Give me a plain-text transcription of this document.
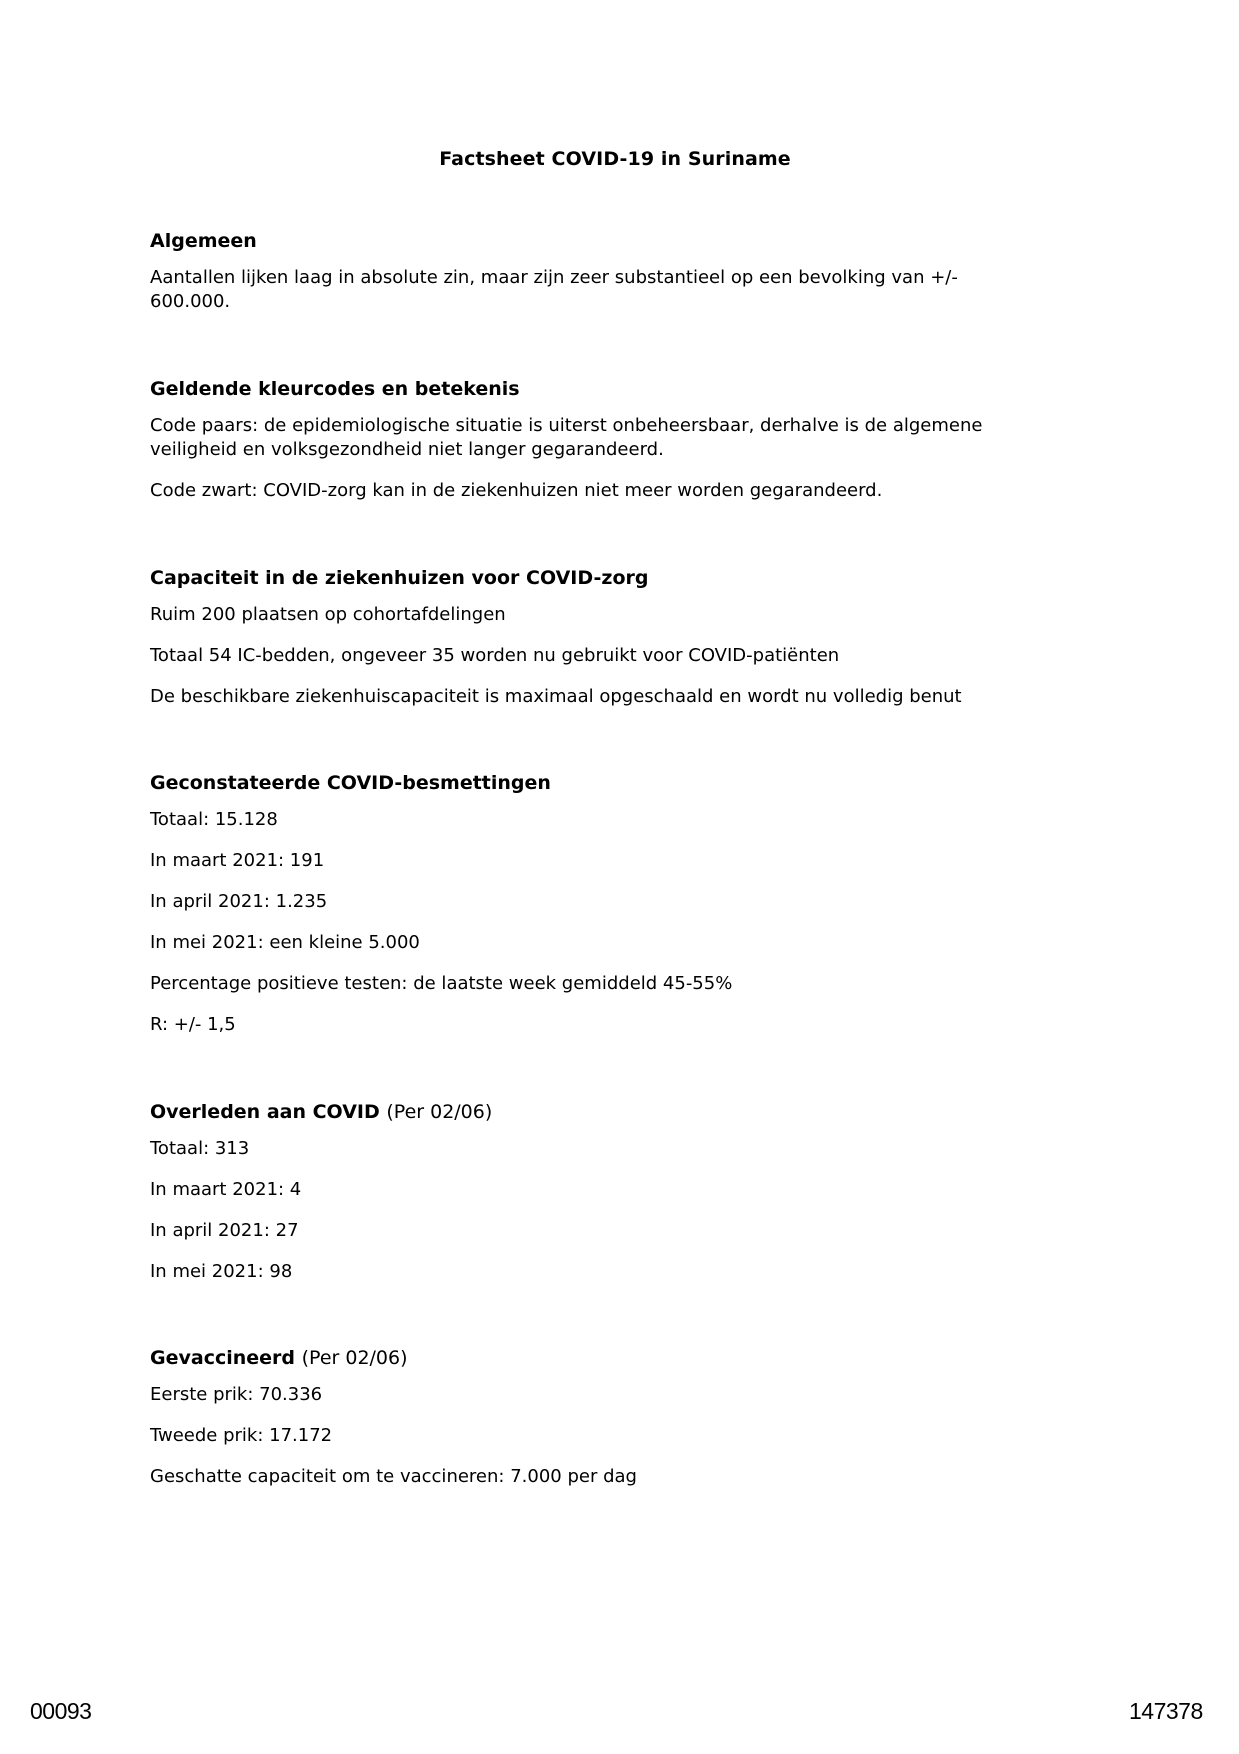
Factsheet COVID-19 in Suriname
Algemeen
Aantallen lijken laag in absolute zin, maar zijn zeer substantieel op een bevolking van +/- 600.000.
Geldende kleurcodes en betekenis
Code paars: de epidemiologische situatie is uiterst onbeheersbaar, derhalve is de algemene veiligheid en volksgezondheid niet langer gegarandeerd.
Code zwart: COVID-zorg kan in de ziekenhuizen niet meer worden gegarandeerd.
Capaciteit in de ziekenhuizen voor COVID-zorg
Ruim 200 plaatsen op cohortafdelingen
Totaal 54 IC-bedden, ongeveer 35 worden nu gebruikt voor COVID-patiënten
De beschikbare ziekenhuiscapaciteit is maximaal opgeschaald en wordt nu volledig benut
Geconstateerde COVID-besmettingen
Totaal: 15.128
In maart 2021: 191
In april 2021: 1.235
In mei 2021: een kleine 5.000
Percentage positieve testen: de laatste week gemiddeld 45-55%
R: +/- 1,5
Overleden aan COVID (Per 02/06)
Totaal: 313
In maart 2021: 4
In april 2021: 27
In mei 2021: 98
Gevaccineerd (Per 02/06)
Eerste prik: 70.336
Tweede prik: 17.172
Geschatte capaciteit om te vaccineren: 7.000 per dag
00093	147378
